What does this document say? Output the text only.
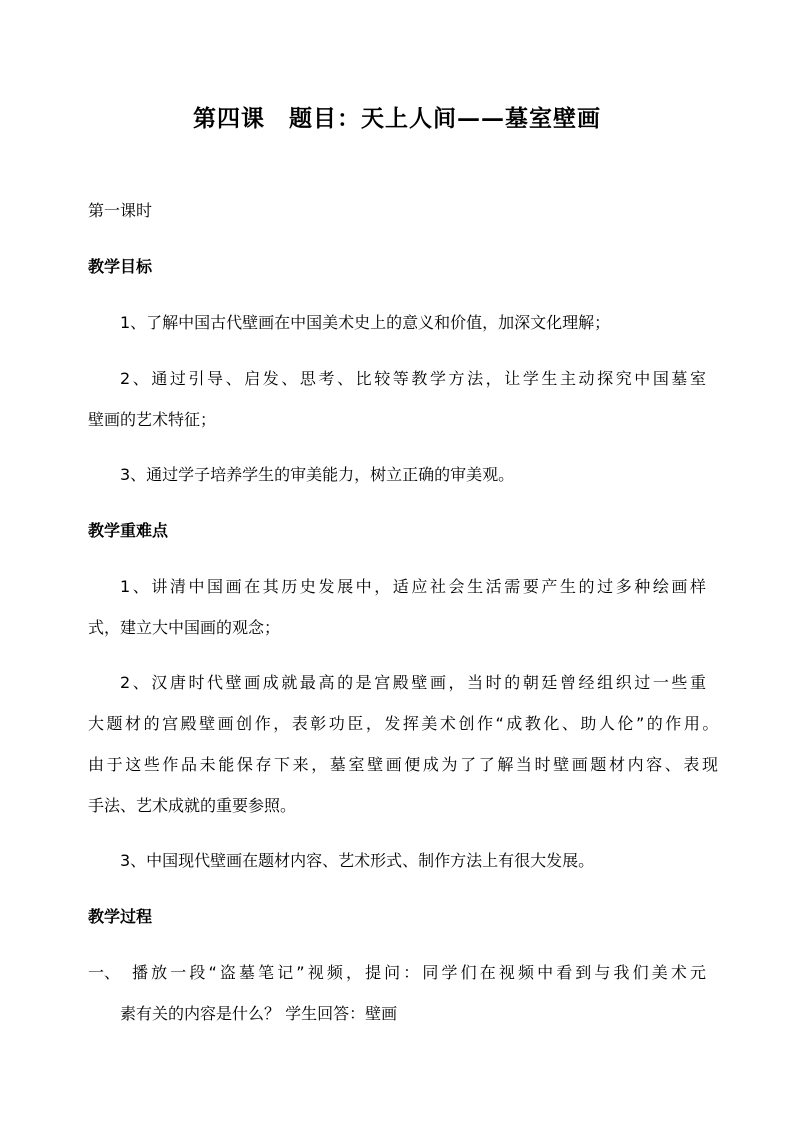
第四课　题目：天上人间——墓室壁画
第一课时
教学目标
1、了解中国古代壁画在中国美术史上的意义和价值，加深文化理解；
2、通过引导、启发、思考、比较等教学方法，让学生主动探究中国墓室
壁画的艺术特征；
3、通过学子培养学生的审美能力，树立正确的审美观。
教学重难点
1、讲清中国画在其历史发展中，适应社会生活需要产生的过多种绘画样
式，建立大中国画的观念；
2、汉唐时代壁画成就最高的是宫殿壁画，当时的朝廷曾经组织过一些重
大题材的宫殿壁画创作，表彰功臣，发挥美术创作“成教化、助人伦”的作用。
由于这些作品未能保存下来，墓室壁画便成为了了解当时壁画题材内容、表现
手法、艺术成就的重要参照。
3、中国现代壁画在题材内容、艺术形式、制作方法上有很大发展。
教学过程
一、 播放一段“盗墓笔记”视频，提问：同学们在视频中看到与我们美术元
素有关的内容是什么？ 学生回答：壁画
